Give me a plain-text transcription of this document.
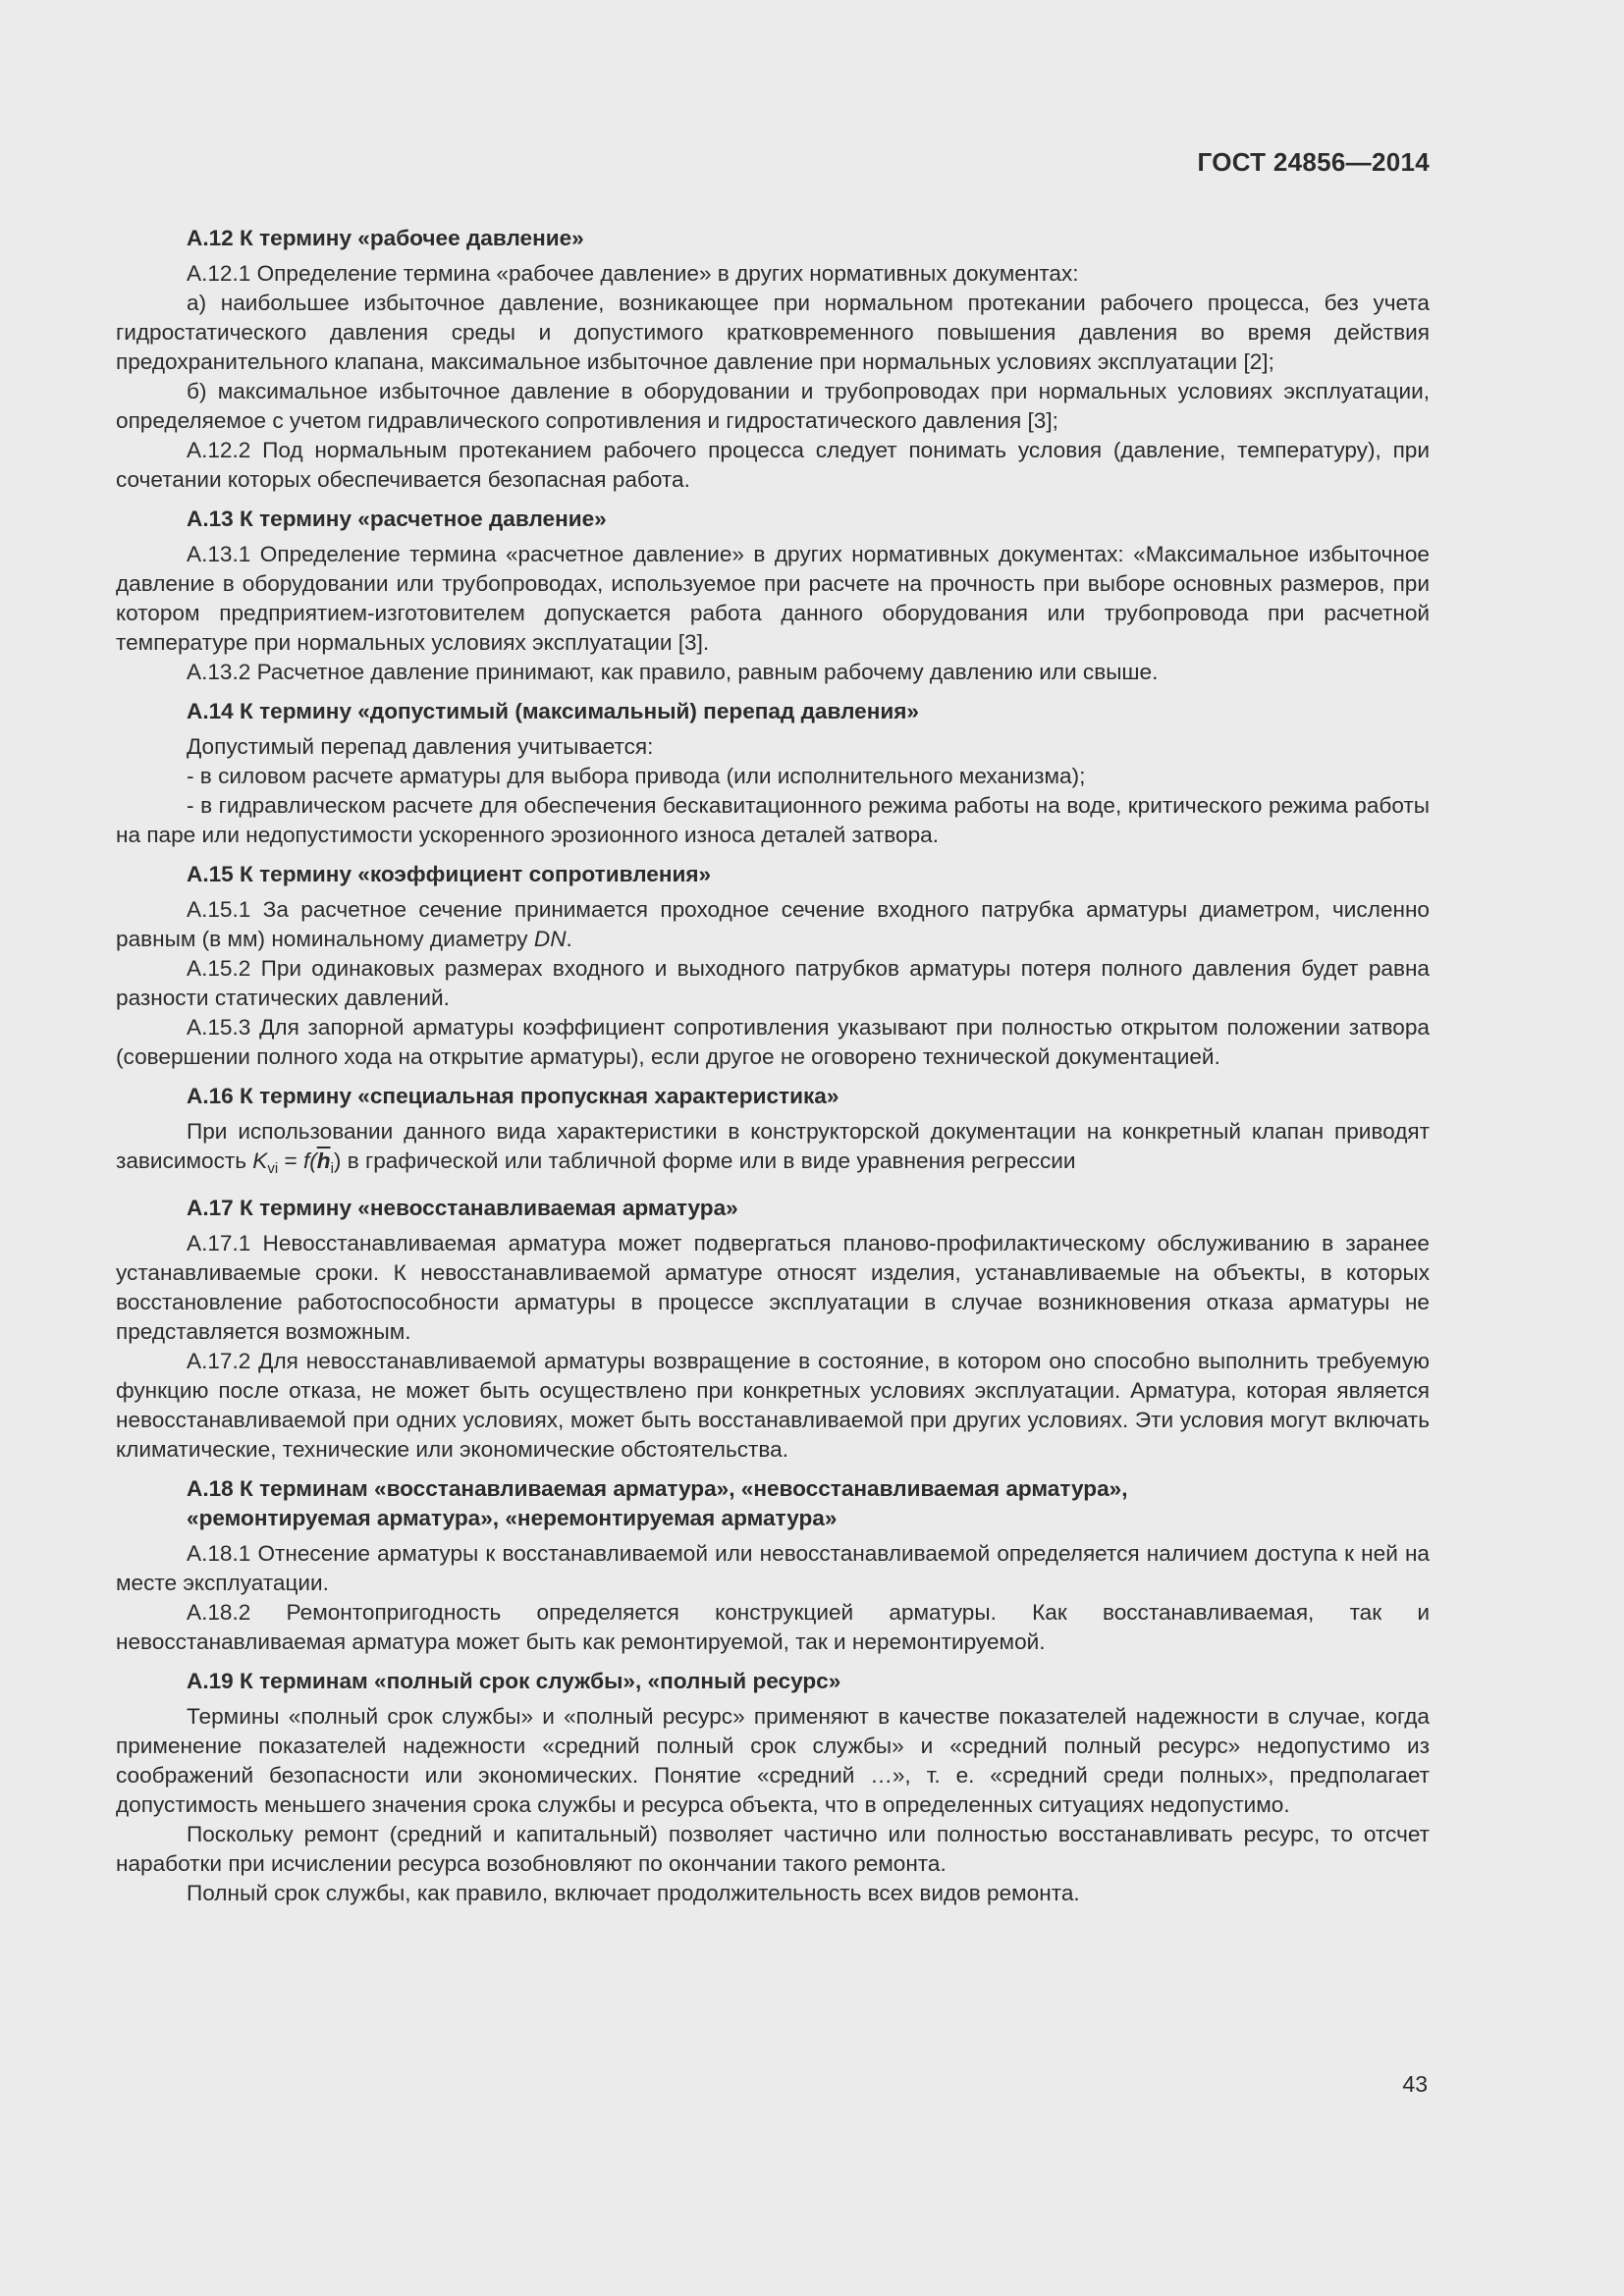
ГОСТ 24856—2014
А.12 К термину «рабочее давление»

А.12.1 Определение термина «рабочее давление» в других нормативных документах:

а) наибольшее избыточное давление, возникающее при нормальном протекании рабочего процесса, без учета гидростатического давления среды и допустимого кратковременного повышения давления во время действия предохранительного клапана, максимальное избыточное давление при нормальных условиях эксплуатации [2];

б) максимальное избыточное давление в оборудовании и трубопроводах при нормальных условиях эксплуатации, определяемое с учетом гидравлического сопротивления и гидростатического давления [3];

А.12.2 Под нормальным протеканием рабочего процесса следует понимать условия (давление, температуру), при сочетании которых обеспечивается безопасная работа.

А.13 К термину «расчетное давление»

А.13.1 Определение термина «расчетное давление» в других нормативных документах: «Максимальное избыточное давление в оборудовании или трубопроводах, используемое при расчете на прочность при выборе основных размеров, при котором предприятием-изготовителем допускается работа данного оборудования или трубопровода при расчетной температуре при нормальных условиях эксплуатации [3].

А.13.2 Расчетное давление принимают, как правило, равным рабочему давлению или свыше.

А.14 К термину «допустимый (максимальный) перепад давления»

Допустимый перепад давления учитывается:

- в силовом расчете арматуры для выбора привода (или исполнительного механизма);

- в гидравлическом расчете для обеспечения бескавитационного режима работы на воде, критического режима работы на паре или недопустимости ускоренного эрозионного износа деталей затвора.

А.15 К термину «коэффициент сопротивления»

А.15.1 За расчетное сечение принимается проходное сечение входного патрубка арматуры диаметром, численно равным (в мм) номинальному диаметру DN.

А.15.2 При одинаковых размерах входного и выходного патрубков арматуры потеря полного давления будет равна разности статических давлений.

А.15.3 Для запорной арматуры коэффициент сопротивления указывают при полностью открытом положении затвора (совершении полного хода на открытие арматуры), если другое не оговорено технической документацией.

А.16 К термину «специальная пропускная характеристика»

При использовании данного вида характеристики в конструкторской документации на конкретный клапан приводят зависимость $K_{vi} = f(\overline{h}_i)$ в графической или табличной форме или в виде уравнения регрессии

А.17 К термину «невосстанавливаемая арматура»

А.17.1 Невосстанавливаемая арматура может подвергаться планово-профилактическому обслуживанию в заранее устанавливаемые сроки. К невосстанавливаемой арматуре относят изделия, устанавливаемые на объекты, в которых восстановление работоспособности арматуры в процессе эксплуатации в случае возникновения отказа арматуры не представляется возможным.

А.17.2 Для невосстанавливаемой арматуры возвращение в состояние, в котором оно способно выполнить требуемую функцию после отказа, не может быть осуществлено при конкретных условиях эксплуатации. Арматура, которая является невосстанавливаемой при одних условиях, может быть восстанавливаемой при других условиях. Эти условия могут включать климатические, технические или экономические обстоятельства.

А.18 К терминам «восстанавливаемая арматура», «невосстанавливаемая арматура»,
«ремонтируемая арматура», «неремонтируемая арматура»

А.18.1 Отнесение арматуры к восстанавливаемой или невосстанавливаемой определяется наличием доступа к ней на месте эксплуатации.

А.18.2 Ремонтопригодность определяется конструкцией арматуры. Как восстанавливаемая, так и невосстанавливаемая арматура может быть как ремонтируемой, так и неремонтируемой.

А.19 К терминам «полный срок службы», «полный ресурс»

Термины «полный срок службы» и «полный ресурс» применяют в качестве показателей надежности в случае, когда применение показателей надежности «средний полный срок службы» и «средний полный ресурс» недопустимо из соображений безопасности или экономических. Понятие «средний …», т. е. «средний среди полных», предполагает допустимость меньшего значения срока службы и ресурса объекта, что в определенных ситуациях недопустимо.

Поскольку ремонт (средний и капитальный) позволяет частично или полностью восстанавливать ресурс, то отсчет наработки при исчислении ресурса возобновляют по окончании такого ремонта.

Полный срок службы, как правило, включает продолжительность всех видов ремонта.

43
